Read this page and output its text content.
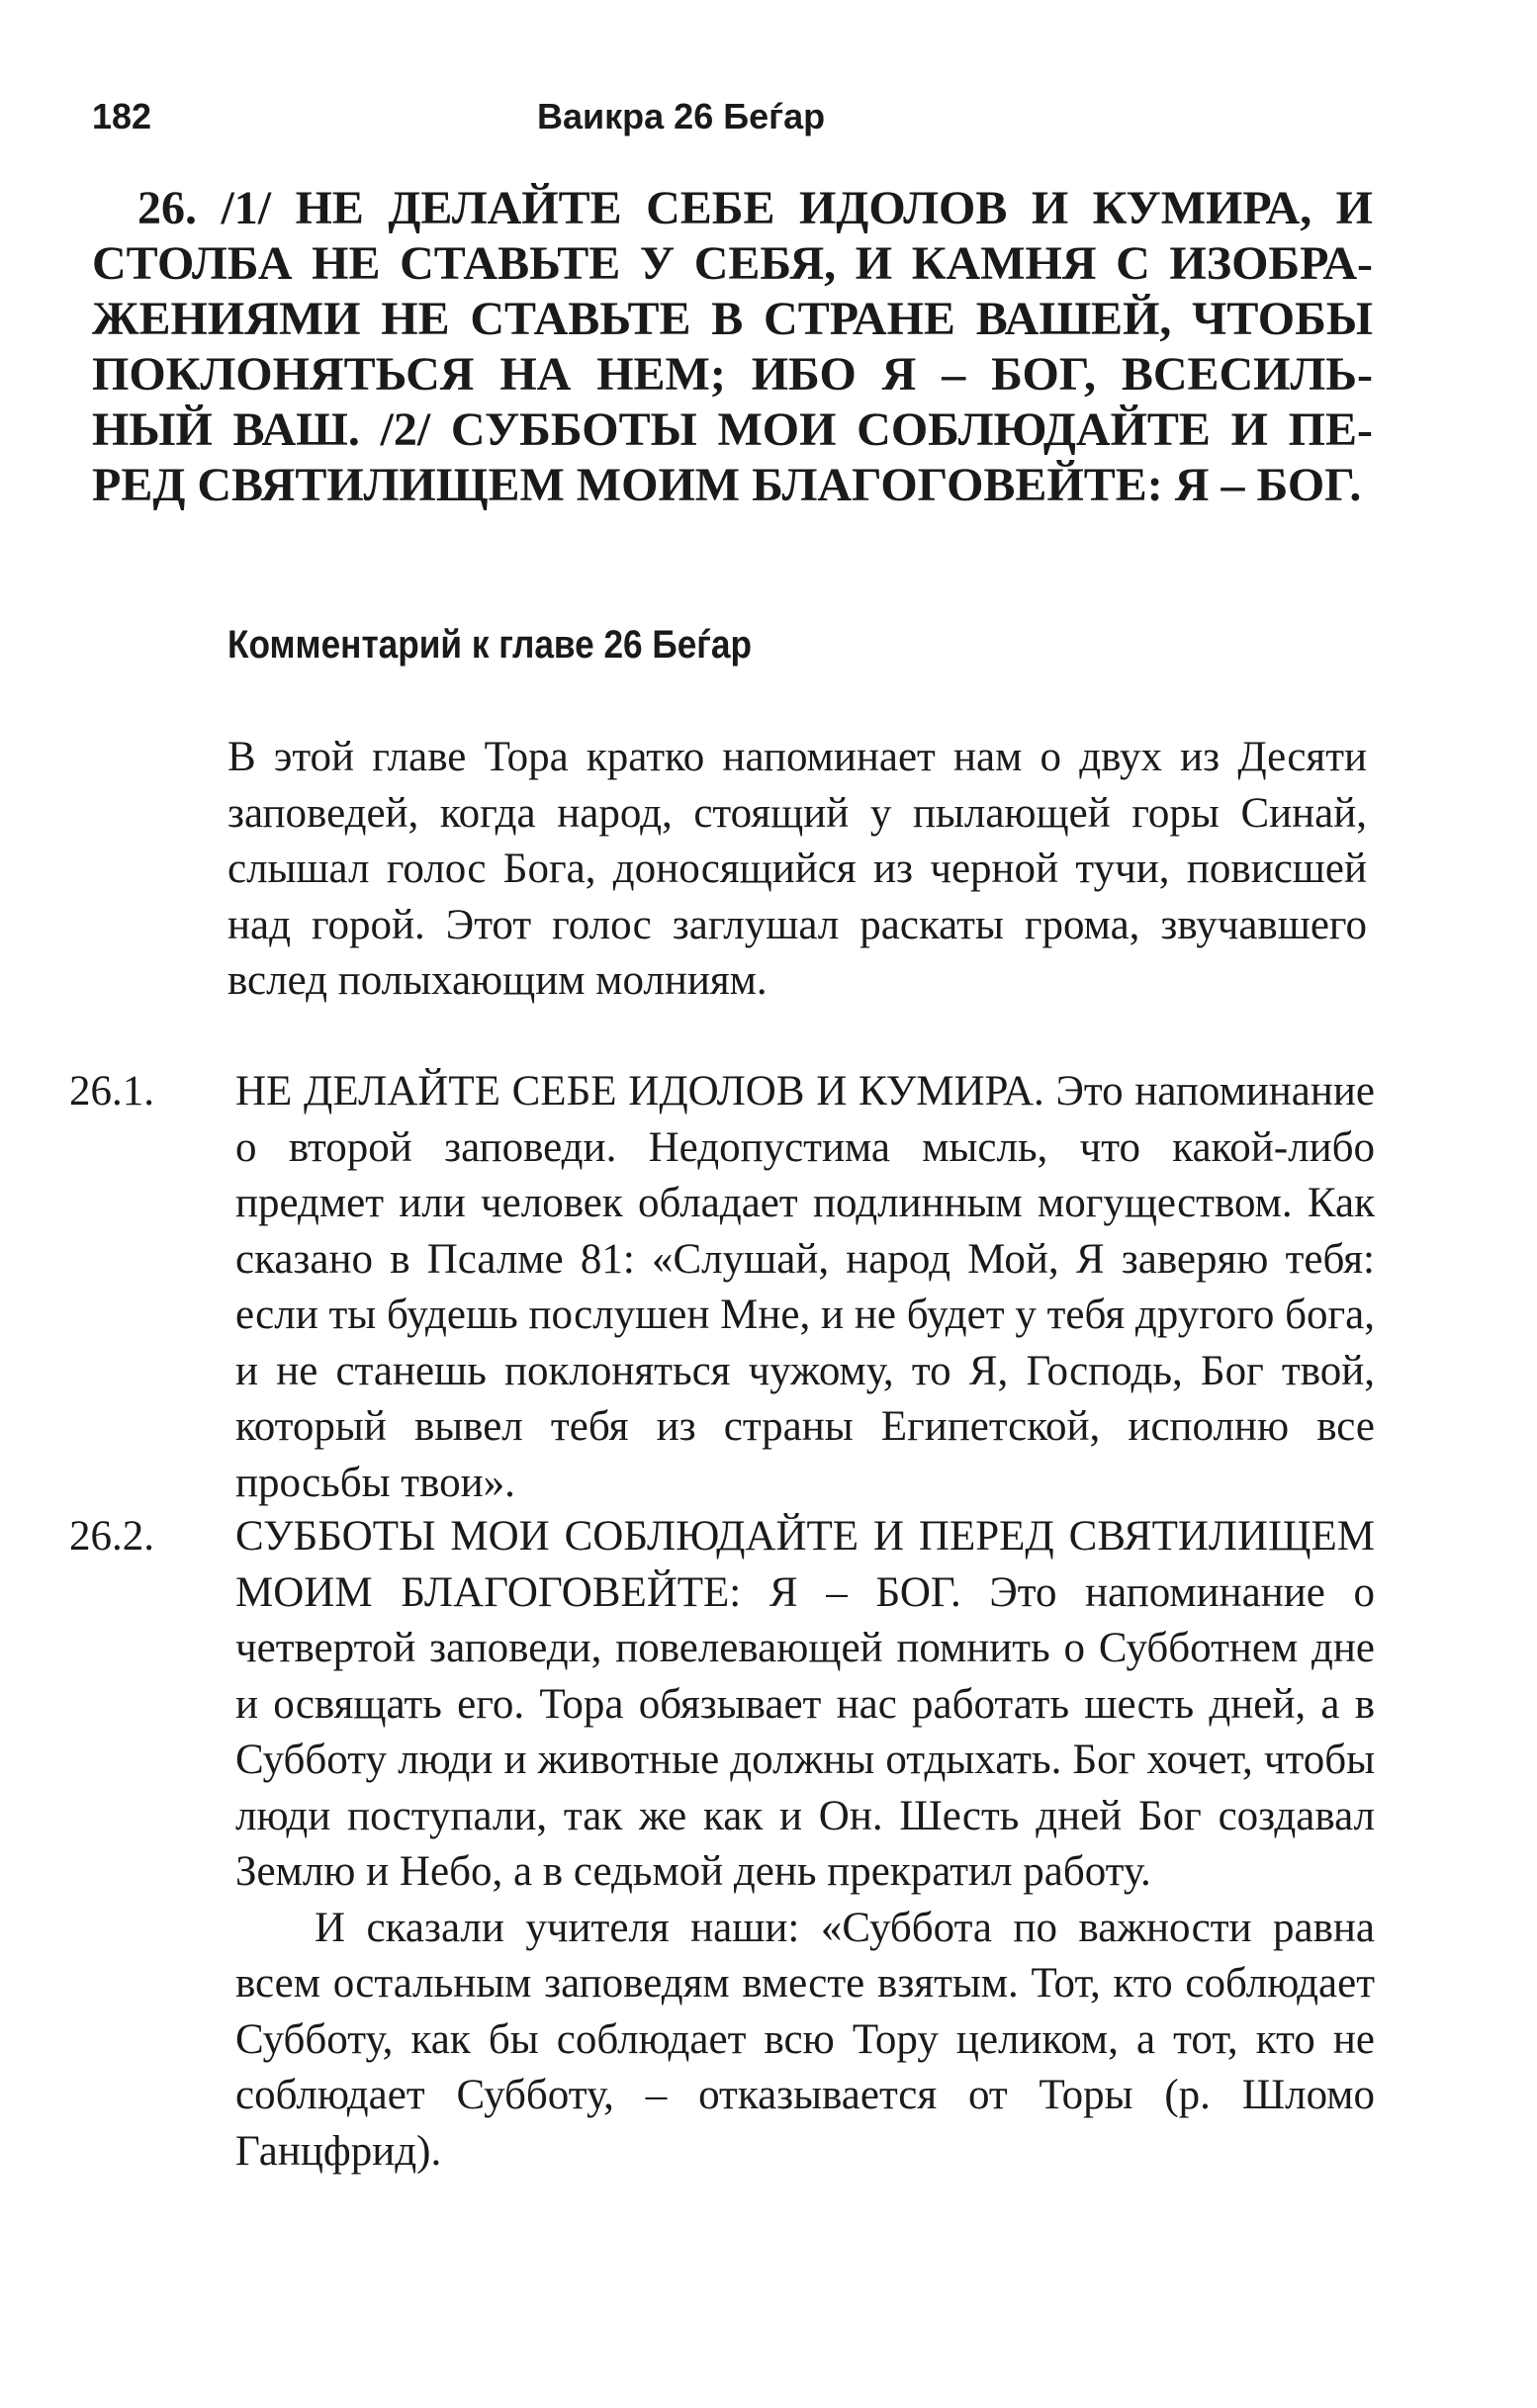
182	Ваикра 26 Беѓар

26. /1/ НЕ ДЕЛАЙТЕ СЕБЕ ИДОЛОВ И КУМИРА, И СТОЛБА НЕ СТАВЬТЕ У СЕБЯ, И КАМНЯ С ИЗОБРАЖЕНИЯМИ НЕ СТАВЬТЕ В СТРАНЕ ВАШЕЙ, ЧТОБЫ ПОКЛОНЯТЬСЯ НА НЕМ; ИБО Я – БОГ, ВСЕСИЛЬНЫЙ ВАШ. /2/ СУББОТЫ МОИ СОБЛЮДАЙТЕ И ПЕРЕД СВЯТИЛИЩЕМ МОИМ БЛАГОГОВЕЙТЕ: Я – БОГ.

Комментарий к главе 26 Беѓар

В этой главе Тора кратко напоминает нам о двух из Десяти заповедей, когда народ, стоящий у пылающей горы Синай, слышал голос Бога, доносящийся из черной тучи, повисшей над горой. Этот голос заглушал раскаты грома, звучавшего вслед полыхающим молниям.

26.1. НЕ ДЕЛАЙТЕ СЕБЕ ИДОЛОВ И КУМИРА. Это напоминание о второй заповеди. Недопустима мысль, что какой-либо предмет или человек обладает подлинным могуществом. Как сказано в Псалме 81: «Слушай, народ Мой, Я заверяю тебя: если ты будешь послушен Мне, и не будет у тебя другого бога, и не станешь поклоняться чужому, то Я, Господь, Бог твой, который вывел тебя из страны Египетской, исполню все просьбы твои».

26.2. СУББОТЫ МОИ СОБЛЮДАЙТЕ И ПЕРЕД СВЯТИЛИЩЕМ МОИМ БЛАГОГОВЕЙТЕ: Я – БОГ. Это напоминание о четвертой заповеди, повелевающей помнить о Субботнем дне и освящать его. Тора обязывает нас работать шесть дней, а в Субботу люди и животные должны отдыхать. Бог хочет, чтобы люди поступали, так же как и Он. Шесть дней Бог создавал Землю и Небо, а в седьмой день прекратил работу.
И сказали учителя наши: «Суббота по важности равна всем остальным заповедям вместе взятым. Тот, кто соблюдает Субботу, как бы соблюдает всю Тору целиком, а тот, кто не соблюдает Субботу, – отказывается от Торы (р. Шломо Ганцфрид).
